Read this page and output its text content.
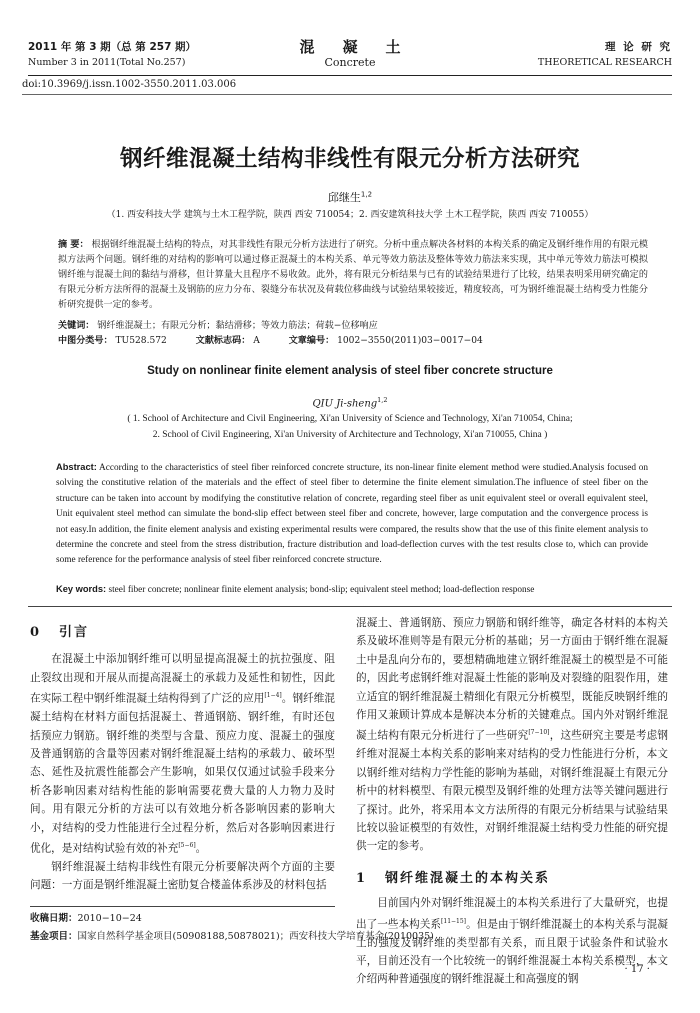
2011 年 第 3 期（总 第 257 期）
Number 3 in 2011(Total No.257)
混凝土
Concrete
理 论 研 究
THEORETICAL RESEARCH
doi:10.3969/j.issn.1002-3550.2011.03.006
钢纤维混凝土结构非线性有限元分析方法研究
邱继生$^{1,2}$
（1. 西安科技大学 建筑与土木工程学院，陕西 西安 710054；2. 西安建筑科技大学 土木工程学院，陕西 西安 710055）
摘 要： 根据钢纤维混凝土结构的特点，对其非线性有限元分析方法进行了研究。分析中重点解决各材料的本构关系的确定及钢纤维作用的有限元模拟方法两个问题。钢纤维的对结构的影响可以通过修正混凝土的本构关系、单元等效力筋法及整体等效力筋法来实现，其中单元等效力筋法可模拟钢纤维与混凝土间的黏结与滑移，但计算量大且程序不易收敛。此外，将有限元分析结果与已有的试验结果进行了比较，结果表明采用研究确定的有限元分析方法所得的混凝土及钢筋的应力分布、裂缝分布状况及荷载位移曲线与试验结果较接近，精度较高，可为钢纤维混凝土结构受力性能分析研究提供一定的参考。
关键词： 钢纤维混凝土；有限元分析；黏结滑移；等效力筋法；荷载−位移响应
中图分类号： TU528.572	文献标志码： A	文章编号： 1002−3550(2011)03−0017−04
Study on nonlinear finite element analysis of steel fiber concrete structure
QIU Ji-sheng$^{1,2}$
( 1. School of Architecture and Civil Engineering, Xi'an University of Science and Technology, Xi'an 710054, China;
2. School of Civil Engineering, Xi'an University of Architecture and Technology, Xi'an 710055, China )
Abstract: According to the characteristics of steel fiber reinforced concrete structure, its non-linear finite element method were studied.Analysis focused on solving the constitutive relation of the materials and the effect of steel fiber to determine the finite element simulation.The influence of steel fiber on the structure can be taken into account by modifying the constitutive relation of concrete, regarding steel fiber as unit equivalent steel or overall equivalent steel, Unit equivalent steel method can simulate the bond-slip effect between steel fiber and concrete, however, large computation and the convergence process is not easy.In addition, the finite element analysis and existing experimental results were compared, the results show that the use of this finite element analysis to determine the concrete and steel from the stress distribution, fracture distribution and load-deflection curves with the test results close to, which can provide some reference for the performance analysis of steel fiber reinforced concrete structure.
Key words: steel fiber concrete; nonlinear finite element analysis; bond-slip; equivalent steel method; load-deflection response
0 引言

在混凝土中添加钢纤维可以明显提高混凝土的抗拉强度、阻止裂纹出现和开展从而提高混凝土的承载力及延性和韧性，因此在实际工程中钢纤维混凝土结构得到了广泛的应用[1−4]。钢纤维混凝土结构在材料方面包括混凝土、普通钢筋、钢纤维，有时还包括预应力钢筋。钢纤维的类型与含量、预应力度、混凝土的强度及普通钢筋的含量等因素对钢纤维混凝土结构的承载力、破坏型态、延性及抗震性能都会产生影响，如果仅仅通过试验手段来分析各影响因素对结构性能的影响需要花费大量的人力物力及时间。用有限元分析的方法可以有效地分析各影响因素的影响大小，对结构的受力性能进行全过程分析，然后对各影响因素进行优化，是对结构试验有效的补充[5−6]。

钢纤维混凝土结构非线性有限元分析要解决两个方面的主要问题：一方面是钢纤维混凝土密肋复合楼盖体系涉及的材料包括

收稿日期：2010−10−24
基金项目：国家自然科学基金项目(50908188,50878021)；西安科技大学培育基金(2010035)
· 17 ·

混凝土、普通钢筋、预应力钢筋和钢纤维等，确定各材料的本构关系及破坏准则等是有限元分析的基础；另一方面由于钢纤维在混凝土中是乱向分布的，要想精确地建立钢纤维混凝土的模型是不可能的，因此考虑钢纤维对混凝土性能的影响及对裂缝的阻裂作用，建立适宜的钢纤维混凝土精细化有限元分析模型，既能反映钢纤维的作用又兼顾计算成本是解决本分析的关键难点。国内外对钢纤维混凝土结构有限元分析进行了一些研究[7−10]，这些研究主要是考虑钢纤维对混凝土本构关系的影响来对结构的受力性能进行分析，本文以钢纤维对结构力学性能的影响为基础，对钢纤维混凝土有限元分析中的材料模型、有限元模型及钢纤维的处理方法等关键问题进行了探讨。此外，将采用本文方法所得的有限元分析结果与试验结果比较以验证模型的有效性，对钢纤维混凝土结构受力性能的研究提供一定的参考。

1 钢纤维混凝土的本构关系

目前国内外对钢纤维混凝土的本构关系进行了大量研究，也提出了一些本构关系[11−15]。但是由于钢纤维混凝土的本构关系与混凝土的强度及钢纤维的类型都有关系，而且限于试验条件和试验水平，目前还没有一个比较统一的钢纤维混凝土本构关系模型，本文介绍两种普通强度的钢纤维混凝土和高强度的钢
